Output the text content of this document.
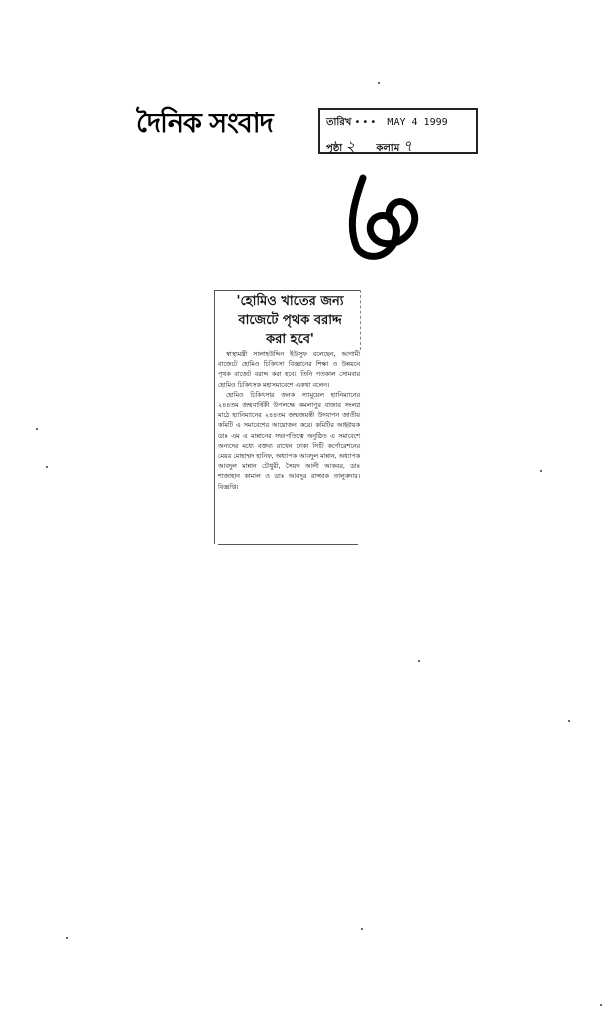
দৈনিক সংবাদ	তারিখ ••• MAY 4 1999
পৃষ্ঠা ২ কলাম ৭
'হোমিও খাতের জন্য
বাজেটে পৃথক বরাদ্দ
করা হবে'

স্বাস্থ্যমন্ত্রী সালাহউদ্দিন ইউসুফ বলেছেন, আগামী বাজেটে হোমিও চিকিৎসা বিজ্ঞানের শিক্ষা ও উন্নয়নে পৃথক বাজেট বরাদ্দ করা হবে। তিনি গতকাল সোমবার হোমিও চিকিৎসক মহাসমাবেশে একথা বলেন।

হোমিও চিকিৎসার জনক স্যামুয়েল হ্যানিম্যানের ২৪৪তম জন্মবার্ষিকী উপলক্ষে কমলাপুর বাজার সংলগ্ন মাঠে হ্যানিম্যানের ২৪৪তম জন্মজয়ন্তী উদযাপন জাতীয় কমিটি এ সমাবেশের আয়োজন করে। কমিটির আহ্বায়ক ডাঃ এম এ মান্নানের সভাপতিত্বে অনুষ্ঠিত এ সমাবেশে অন্যদের মধ্যে বক্তব্য রাখেন ঢাকা সিটি কর্পোরেশনের মেয়র মোহাম্মদ হানিফ, অধ্যাপক আবদুল মান্নান, অধ্যাপক আবদুল মান্নান চৌধুরী, সৈয়দ আলী আকবর, ডাঃ শাজাহান কামাল ও ডাঃ আবদুর রাজ্জাক তালুকদার। বিজ্ঞপ্তি।
